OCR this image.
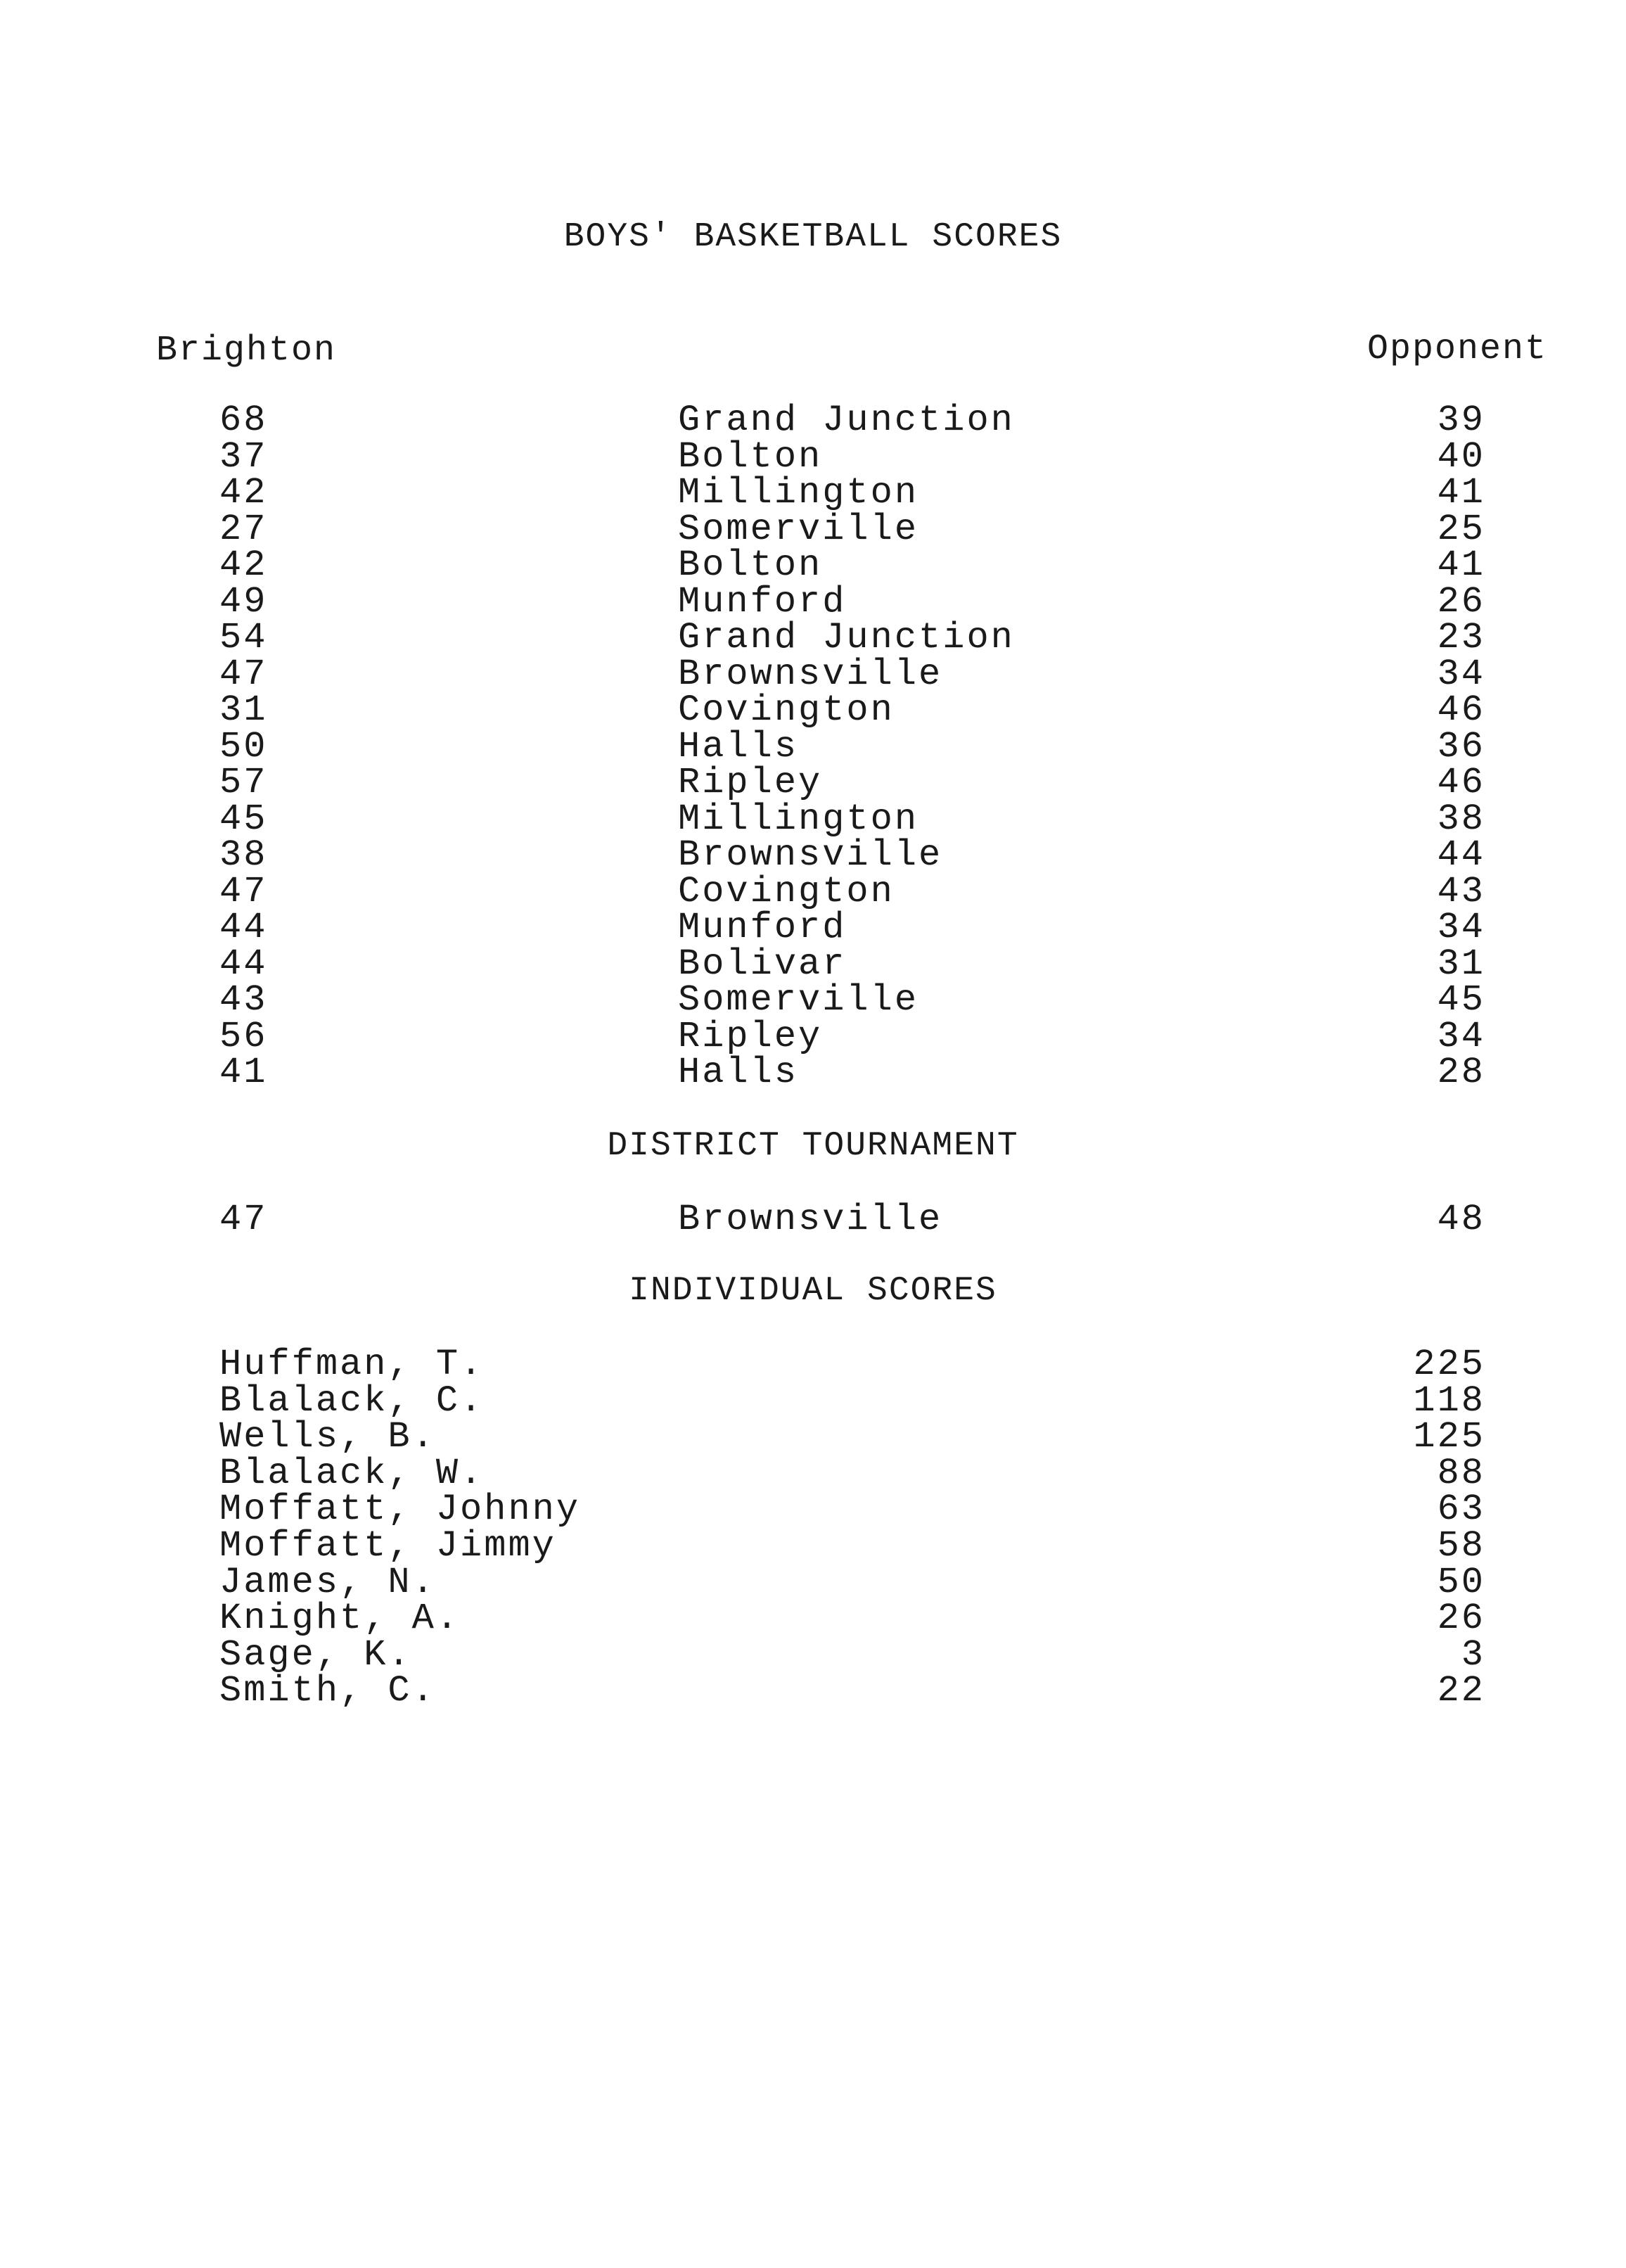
BOYS' BASKETBALL SCORES
Brighton	Opponent
68	Grand Junction	39
37	Bolton	40
42	Millington	41
27	Somerville	25
42	Bolton	41
49	Munford	26
54	Grand Junction	23
47	Brownsville	34
31	Covington	46
50	Halls	36
57	Ripley	46
45	Millington	38
38	Brownsville	44
47	Covington	43
44	Munford	34
44	Bolivar	31
43	Somerville	45
56	Ripley	34
41	Halls	28
DISTRICT TOURNAMENT
47	Brownsville	48
INDIVIDUAL SCORES
Huffman, T.	225
Blalack, C.	118
Wells, B.	125
Blalack, W.	88
Moffatt, Johnny	63
Moffatt, Jimmy	58
James, N.	50
Knight, A.	26
Sage, K.	3
Smith, C.	22
